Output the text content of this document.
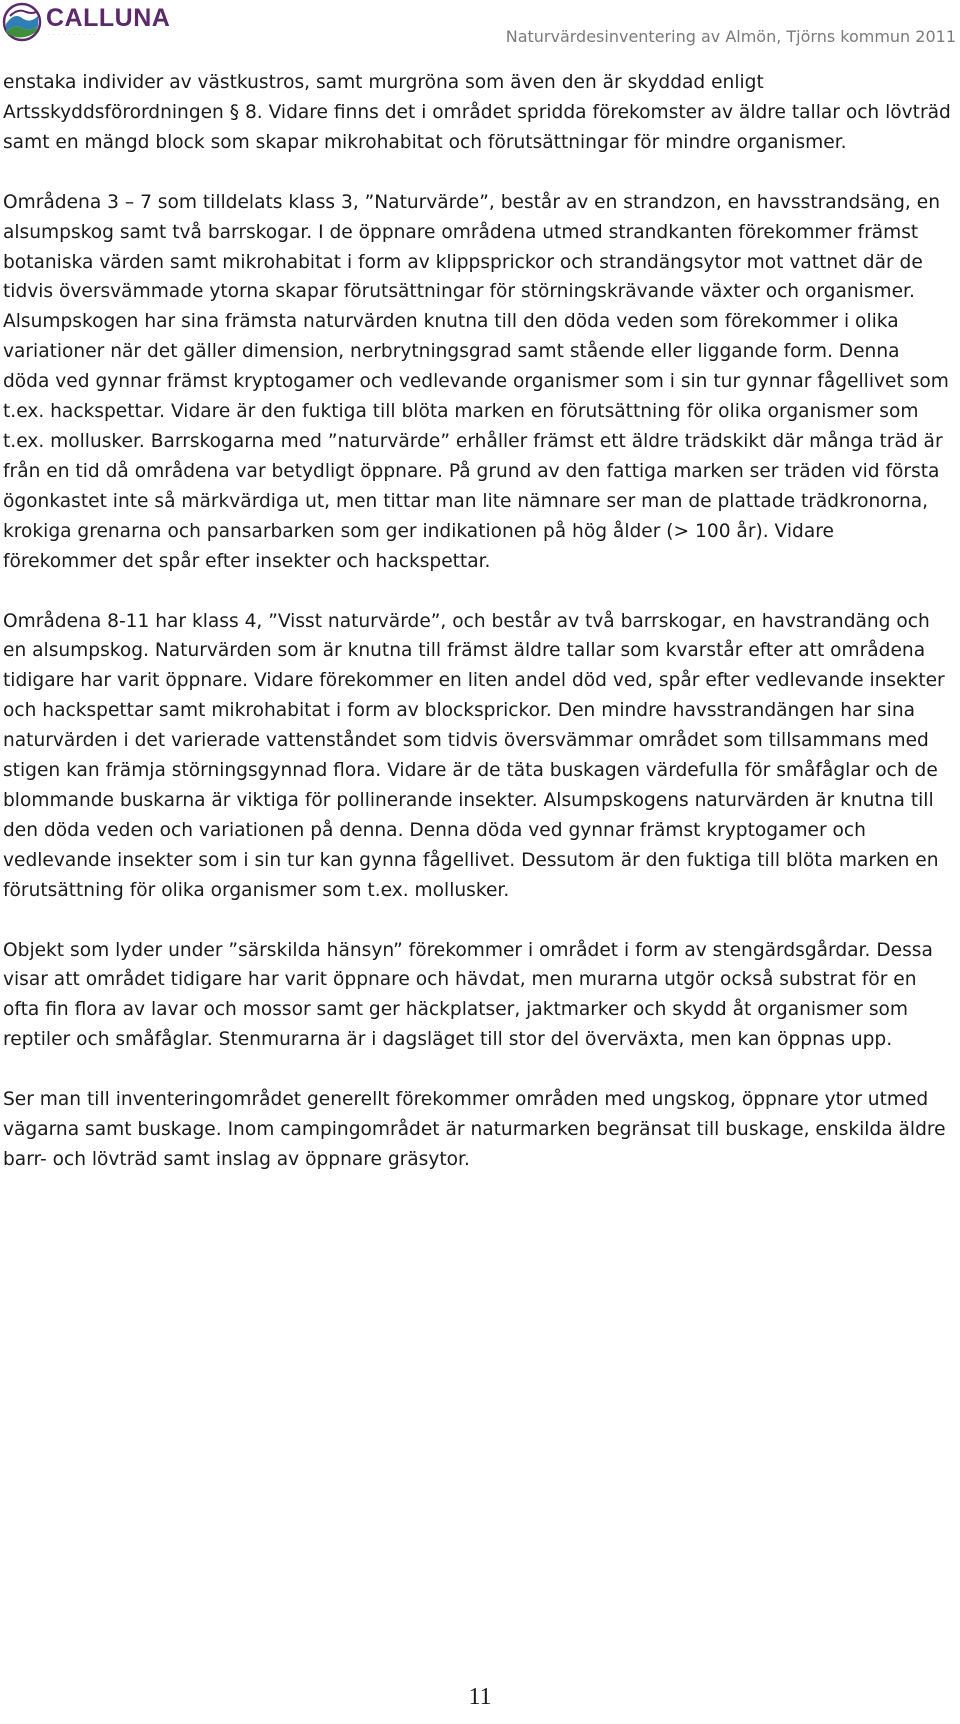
CALLUNA
· · · · · · · · · ·	Naturvärdesinventering av Almön, Tjörns kommun 2011

enstaka individer av västkustros, samt murgröna som även den är skyddad enligt Artsskyddsförordningen § 8. Vidare finns det i området spridda förekomster av äldre tallar och lövträd samt en mängd block som skapar mikrohabitat och förutsättningar för mindre organismer.

Områdena 3 – 7 som tilldelats klass 3, ”Naturvärde”, består av en strandzon, en havsstrandsäng, en alsumpskog samt två barrskogar. I de öppnare områdena utmed strandkanten förekommer främst botaniska värden samt mikrohabitat i form av klippsprickor och strandängsytor mot vattnet där de tidvis översvämmade ytorna skapar förutsättningar för störningskrävande växter och organismer. Alsumpskogen har sina främsta naturvärden knutna till den döda veden som förekommer i olika variationer när det gäller dimension, nerbrytningsgrad samt stående eller liggande form. Denna döda ved gynnar främst kryptogamer och vedlevande organismer som i sin tur gynnar fågellivet som t.ex. hackspettar. Vidare är den fuktiga till blöta marken en förutsättning för olika organismer som t.ex. mollusker. Barrskogarna med ”naturvärde” erhåller främst ett äldre trädskikt där många träd är från en tid då områdena var betydligt öppnare. På grund av den fattiga marken ser träden vid första ögonkastet inte så märkvärdiga ut, men tittar man lite nämnare ser man de plattade trädkronorna, krokiga grenarna och pansarbarken som ger indikationen på hög ålder (> 100 år). Vidare förekommer det spår efter insekter och hackspettar.

Områdena 8-11 har klass 4, ”Visst naturvärde”, och består av två barrskogar, en havstrandäng och en alsumpskog. Naturvärden som är knutna till främst äldre tallar som kvarstår efter att områdena tidigare har varit öppnare. Vidare förekommer en liten andel död ved, spår efter vedlevande insekter och hackspettar samt mikrohabitat i form av blocksprickor. Den mindre havsstrandängen har sina naturvärden i det varierade vattenståndet som tidvis översvämmar området som tillsammans med stigen kan främja störningsgynnad flora. Vidare är de täta buskagen värdefulla för småfåglar och de blommande buskarna är viktiga för pollinerande insekter. Alsumpskogens naturvärden är knutna till den döda veden och variationen på denna. Denna döda ved gynnar främst kryptogamer och vedlevande insekter som i sin tur kan gynna fågellivet. Dessutom är den fuktiga till blöta marken en förutsättning för olika organismer som t.ex. mollusker.

Objekt som lyder under ”särskilda hänsyn” förekommer i området i form av stengärdsgårdar. Dessa visar att området tidigare har varit öppnare och hävdat, men murarna utgör också substrat för en ofta fin flora av lavar och mossor samt ger häckplatser, jaktmarker och skydd åt organismer som reptiler och småfåglar. Stenmurarna är i dagsläget till stor del överväxta, men kan öppnas upp.

Ser man till inventeringområdet generellt förekommer områden med ungskog, öppnare ytor utmed vägarna samt buskage. Inom campingområdet är naturmarken begränsat till buskage, enskilda äldre barr- och lövträd samt inslag av öppnare gräsytor.

11
